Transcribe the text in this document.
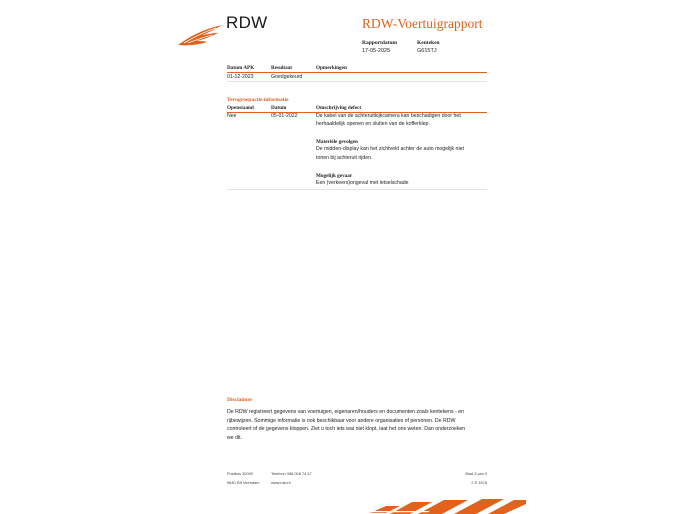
RDW	RDW-Voertuigrapport
Rapportdatum
17-05-2025
Kenteken
G615TJ
Datum APK	Resultaat	Opmerkingen
01-12-2023	Goedgekeurd
Terugroepactie informatie
Openstaand	Datum	Omschrijving defect
Nee	05-01-2022	De kabel van de achteruitkijkcamera kan beschadigen door het
herhaaldelijk openen en sluiten van de kofferklep.
Materiële gevolgen
De midden-display kan het zichtveld achter de auto mogelijk niet
tonen bij achteruit rijden.
Mogelijk gevaar
Een (verkeers)ongeval met letselschade
Disclaimer
De RDW registreert gegevens van voertuigen, eigenaren/houders en documenten zoals kentekens - en
rijbewijzen. Sommige informatie is ook beschikbaar voor andere organisaties of personen. De RDW
controleert of de gegevens kloppen. Ziet u toch iets wat niet klopt, laat het ons weten. Dan onderzoeken
we dit.
Postbus 30000
9640 RA Veendam
Telefoon 088 008 74 47
www.rdw.nl
Blad 3 van 3
2 E 1678
